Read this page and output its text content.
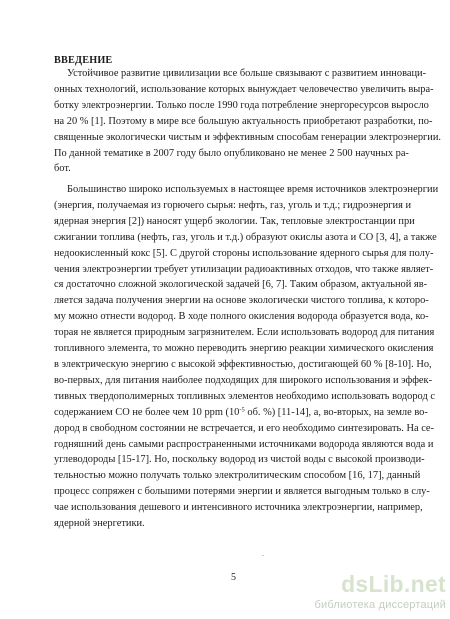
ВВЕДЕНИЕ
Устойчивое развитие цивилизации все больше связывают с развитием инноваци-
онных технологий, использование которых вынуждает человечество увеличить выра-
ботку электроэнергии. Только после 1990 года потребление энергоресурсов выросло
на 20 % [1]. Поэтому в мире все большую актуальность приобретают разработки, по-
священные экологически чистым и эффективным способам генерации электроэнергии.
По данной тематике в 2007 году было опубликовано не менее 2 500 научных ра-
бот.
Большинство широко используемых в настоящее время источников электроэнергии
(энергия, получаемая из горючего сырья: нефть, газ, уголь и т.д.; гидроэнергия и
ядерная энергия [2]) наносят ущерб экологии. Так, тепловые электростанции при
сжигании топлива (нефть, газ, уголь и т.д.) образуют окислы азота и CO [3, 4], а также
недоокисленный кокс [5]. С другой стороны использование ядерного сырья для полу-
чения электроэнергии требует утилизации радиоактивных отходов, что также являет-
ся достаточно сложной экологической задачей [6, 7]. Таким образом, актуальной яв-
ляется задача получения энергии на основе экологически чистого топлива, к которо-
му можно отнести водород. В ходе полного окисления водорода образуется вода, ко-
торая не является природным загрязнителем. Если использовать водород для питания
топливного элемента, то можно переводить энергию реакции химического окисления
в электрическую энергию с высокой эффективностью, достигающей 60 % [8-10]. Но,
во-первых, для питания наиболее подходящих для широкого использования и эффек-
тивных твердополимерных топливных элементов необходимо использовать водород с
содержанием CO не более чем 10 ppm ($10^{-5}$ об. %) [11-14], а, во-вторых, на земле во-
дород в свободном состоянии не встречается, и его необходимо синтезировать. На се-
годняшний день самыми распространенными источниками водорода являются вода и
углеводороды [15-17]. Но, поскольку водород из чистой воды с высокой производи-
тельностью можно получать только электролитическим способом [16, 17], данный
процесс сопряжен с большими потерями энергии и является выгодным только в слу-
чае использования дешевого и интенсивного источника электроэнергии, например,
ядерной энергетики.
.
5	dsLib.net
библиотека диссертаций
